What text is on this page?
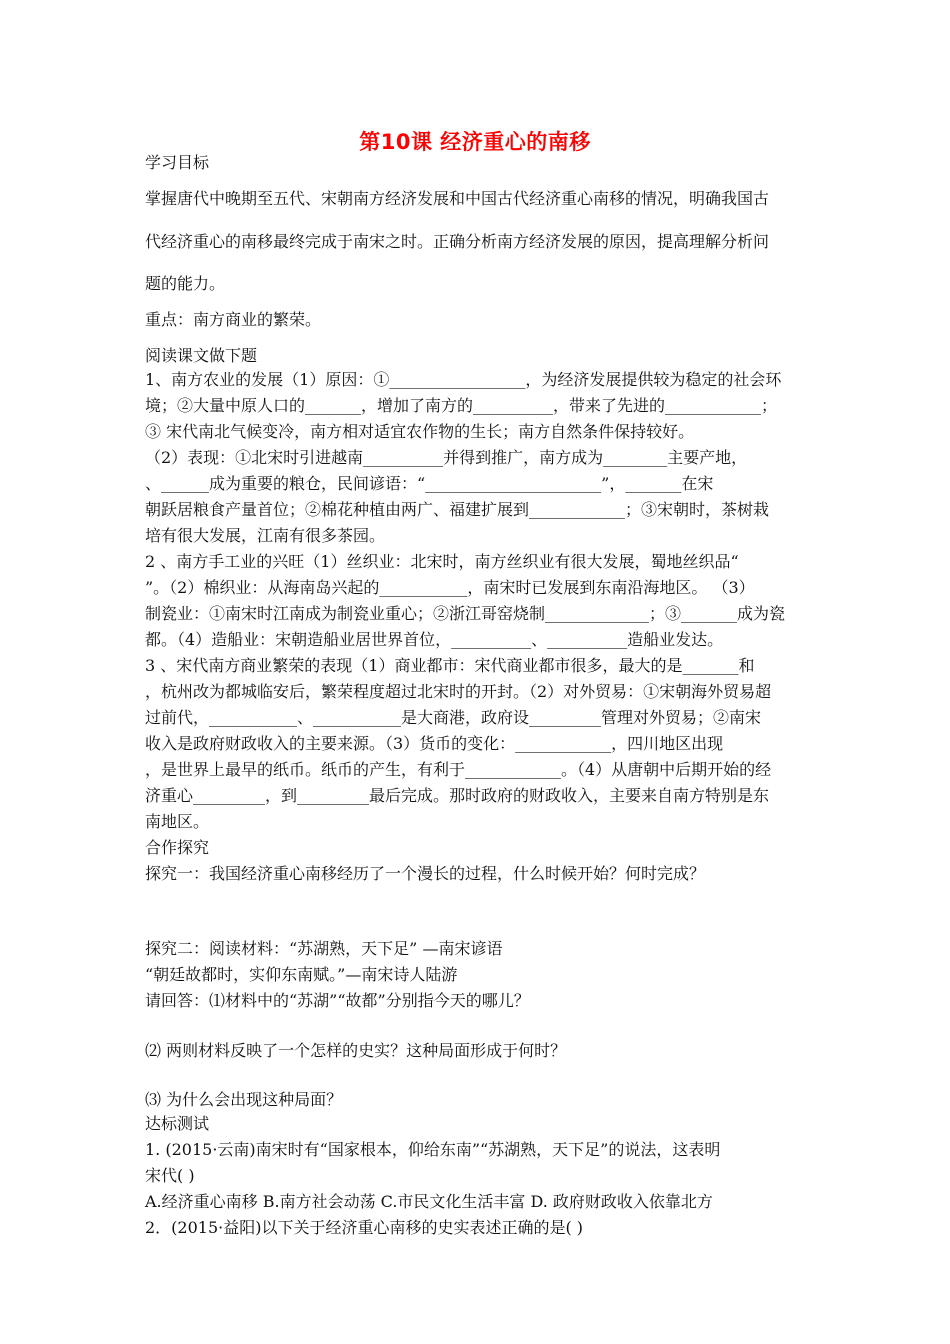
第10课 经济重心的南移
学习目标
掌握唐代中晚期至五代、宋朝南方经济发展和中国古代经济重心南移的情况，明确我国古
代经济重心的南移最终完成于南宋之时。正确分析南方经济发展的原因，提高理解分析问
题的能力。
重点：南方商业的繁荣。
阅读课文做下题
1、南方农业的发展（1）原因：①_________________，为经济发展提供较为稳定的社会环
境；②大量中原人口的_______，增加了南方的__________，带来了先进的____________；
③ 宋代南北气候变冷，南方相对适宜农作物的生长；南方自然条件保持较好。
（2）表现：①北宋时引进越南__________并得到推广，南方成为________主要产地，
、______成为重要的粮仓，民间谚语：“______________________”，_______在宋
朝跃居粮食产量首位；②棉花种植由两广、福建扩展到____________；③宋朝时，茶树栽
培有很大发展，江南有很多茶园。
2 、南方手工业的兴旺（1）丝织业：北宋时，南方丝织业有很大发展，蜀地丝织品“
”。（2）棉织业：从海南岛兴起的___________，南宋时已发展到东南沿海地区。 （3）
制瓷业：①南宋时江南成为制瓷业重心；②浙江哥窑烧制_____________；③_______成为瓷
都。（4）造船业：宋朝造船业居世界首位，__________、__________造船业发达。
3 、宋代南方商业繁荣的表现（1）商业都市：宋代商业都市很多，最大的是_______和
，杭州改为都城临安后，繁荣程度超过北宋时的开封。（2）对外贸易：①宋朝海外贸易超
过前代，___________、___________是大商港，政府设_________管理对外贸易；②南宋
收入是政府财政收入的主要来源。（3）货币的变化：____________，四川地区出现
，是世界上最早的纸币。纸币的产生，有利于____________。（4）从唐朝中后期开始的经
济重心_________，到_________最后完成。那时政府的财政收入，主要来自南方特别是东
南地区。
合作探究
探究一：我国经济重心南移经历了一个漫长的过程，什么时候开始？何时完成？
探究二：阅读材料：“苏湖熟，天下足” —南宋谚语
“朝廷故都时，实仰东南赋。”—南宋诗人陆游
请回答：⑴材料中的“苏湖”“故都”分别指今天的哪儿？
⑵ 两则材料反映了一个怎样的史实？这种局面形成于何时？
⑶ 为什么会出现这种局面？
达标测试
1. (2015·云南)南宋时有“国家根本，仰给东南”“苏湖熟，天下足”的说法，这表明
宋代( )
A.经济重心南移 B.南方社会动荡 C.市民文化生活丰富 D. 政府财政收入依靠北方
2．(2015·益阳)以下关于经济重心南移的史实表述正确的是( )
